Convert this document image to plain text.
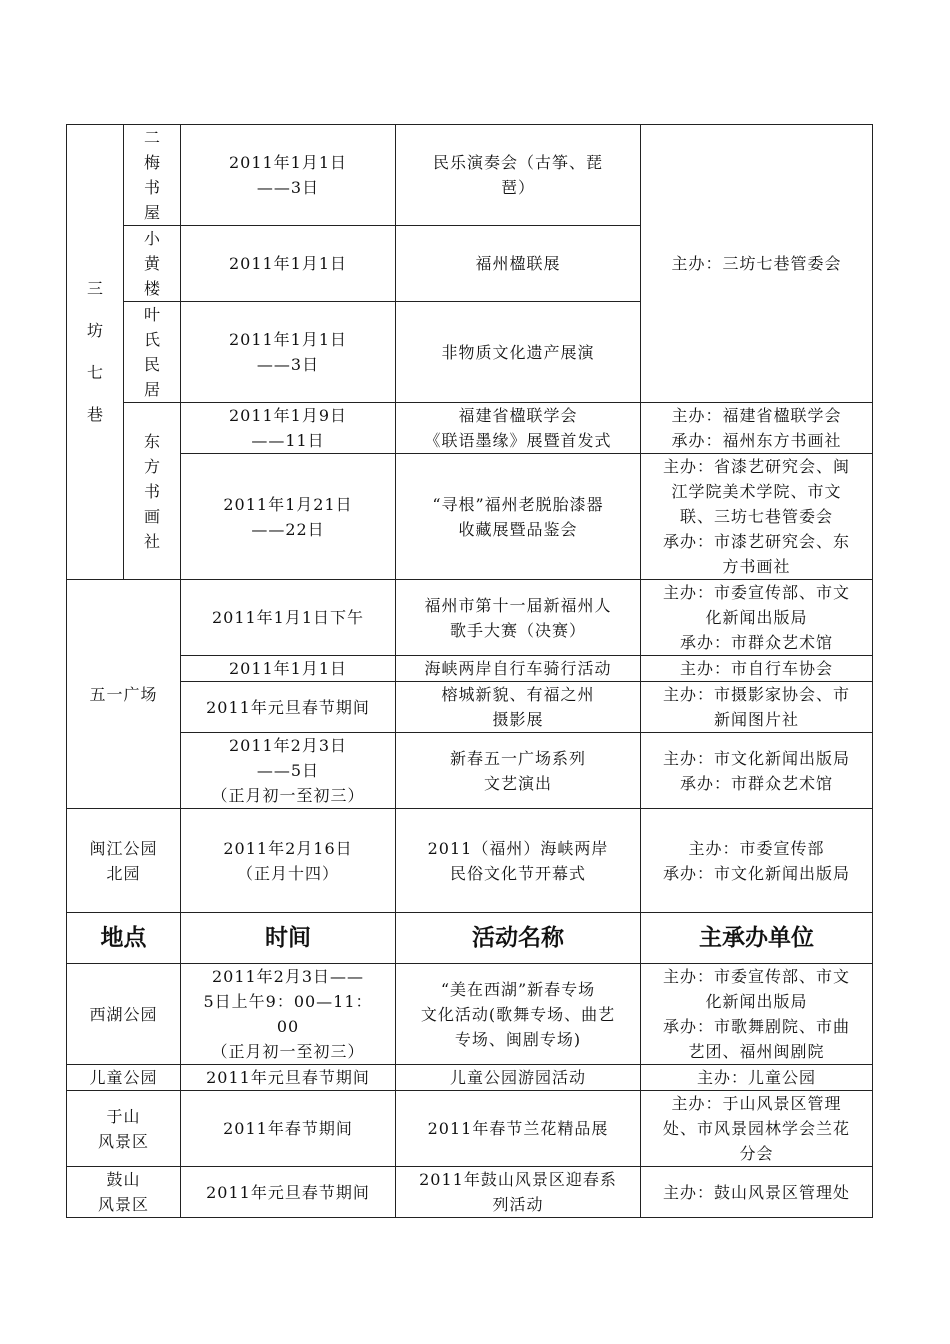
三坊七巷	二梅书屋	2011年1月1日
——3日	民乐演奏会（古筝、琵
琶）	主办：三坊七巷管委会

	小黄楼	2011年1月1日	福州楹联展	

	叶氏民居	2011年1月1日
——3日	非物质文化遗产展演	

	东方书画社	2011年1月9日
——11日	福建省楹联学会
《联语墨缘》展暨首发式	主办：福建省楹联学会
承办：福州东方书画社

		2011年1月21日
——22日	“寻根”福州老脱胎漆器
收藏展暨品鉴会	主办：省漆艺研究会、闽
江学院美术学院、市文
联、三坊七巷管委会
承办：市漆艺研究会、东
方书画社

五一广场		2011年1月1日下午	福州市第十一届新福州人
歌手大赛（决赛）	主办：市委宣传部、市文
化新闻出版局
承办：市群众艺术馆

		2011年1月1日	海峡两岸自行车骑行活动	主办：市自行车协会

		2011年元旦春节期间	榕城新貌、有福之州
摄影展	主办：市摄影家协会、市
新闻图片社

		2011年2月3日
——5日
（正月初一至初三）	新春五一广场系列
文艺演出	主办：市文化新闻出版局
承办：市群众艺术馆

闽江公园
北园		2011年2月16日
（正月十四）	2011（福州）海峡两岸
民俗文化节开幕式	主办：市委宣传部
承办：市文化新闻出版局

地点		时间	活动名称	主承办单位

西湖公园		2011年2月3日——
5日上午9：00—11：
00
（正月初一至初三）	“美在西湖”新春专场
文化活动(歌舞专场、曲艺
专场、闽剧专场)	主办：市委宣传部、市文
化新闻出版局
承办：市歌舞剧院、市曲
艺团、福州闽剧院

儿童公园		2011年元旦春节期间	儿童公园游园活动	主办：儿童公园

于山
风景区		2011年春节期间	2011年春节兰花精品展	主办：于山风景区管理
处、市风景园林学会兰花
分会

鼓山
风景区		2011年元旦春节期间	2011年鼓山风景区迎春系
列活动	主办：鼓山风景区管理处
